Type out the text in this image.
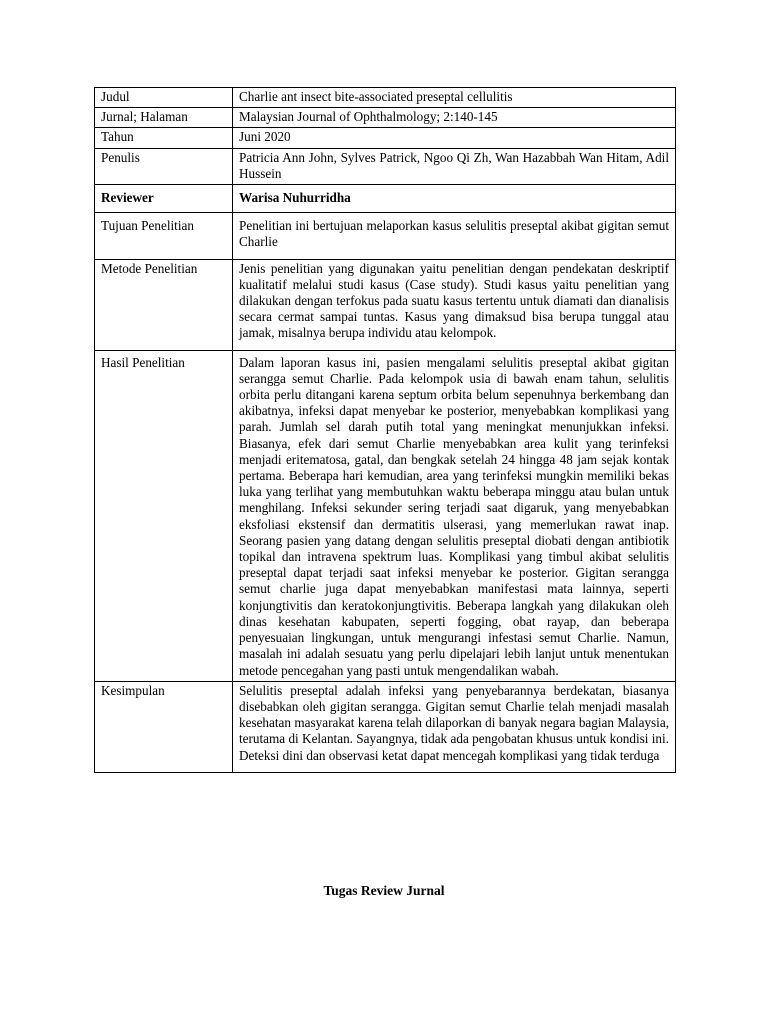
Judul	Charlie ant insect bite-associated preseptal cellulitis
Jurnal; Halaman	Malaysian Journal of Ophthalmology; 2:140-145
Tahun	Juni 2020
Penulis	Patricia Ann John, Sylves Patrick, Ngoo Qi Zh, Wan Hazabbah Wan Hitam, Adil Hussein
Reviewer	Warisa Nuhurridha
Tujuan Penelitian	Penelitian ini bertujuan melaporkan kasus selulitis preseptal akibat gigitan semut Charlie
Metode Penelitian	Jenis penelitian yang digunakan yaitu penelitian dengan pendekatan deskriptif kualitatif melalui studi kasus (Case study). Studi kasus yaitu penelitian yang dilakukan dengan terfokus pada suatu kasus tertentu untuk diamati dan dianalisis secara cermat sampai tuntas. Kasus yang dimaksud bisa berupa tunggal atau jamak, misalnya berupa individu atau kelompok.
Hasil Penelitian	Dalam laporan kasus ini, pasien mengalami selulitis preseptal akibat gigitan serangga semut Charlie. Pada kelompok usia di bawah enam tahun, selulitis orbita perlu ditangani karena septum orbita belum sepenuhnya berkembang dan akibatnya, infeksi dapat menyebar ke posterior, menyebabkan komplikasi yang parah. Jumlah sel darah putih total yang meningkat menunjukkan infeksi. Biasanya, efek dari semut Charlie menyebabkan area kulit yang terinfeksi menjadi eritematosa, gatal, dan bengkak setelah 24 hingga 48 jam sejak kontak pertama. Beberapa hari kemudian, area yang terinfeksi mungkin memiliki bekas luka yang terlihat yang membutuhkan waktu beberapa minggu atau bulan untuk menghilang. Infeksi sekunder sering terjadi saat digaruk, yang menyebabkan eksfoliasi ekstensif dan dermatitis ulserasi, yang memerlukan rawat inap. Seorang pasien yang datang dengan selulitis preseptal diobati dengan antibiotik topikal dan intravena spektrum luas. Komplikasi yang timbul akibat selulitis preseptal dapat terjadi saat infeksi menyebar ke posterior. Gigitan serangga semut charlie juga dapat menyebabkan manifestasi mata lainnya, seperti konjungtivitis dan keratokonjungtivitis. Beberapa langkah yang dilakukan oleh dinas kesehatan kabupaten, seperti fogging, obat rayap, dan beberapa penyesuaian lingkungan, untuk mengurangi infestasi semut Charlie. Namun, masalah ini adalah sesuatu yang perlu dipelajari lebih lanjut untuk menentukan metode pencegahan yang pasti untuk mengendalikan wabah.
Kesimpulan	Selulitis preseptal adalah infeksi yang penyebarannya berdekatan, biasanya disebabkan oleh gigitan serangga. Gigitan semut Charlie telah menjadi masalah kesehatan masyarakat karena telah dilaporkan di banyak negara bagian Malaysia, terutama di Kelantan. Sayangnya, tidak ada pengobatan khusus untuk kondisi ini. Deteksi dini dan observasi ketat dapat mencegah komplikasi yang tidak terduga
Tugas Review Jurnal
